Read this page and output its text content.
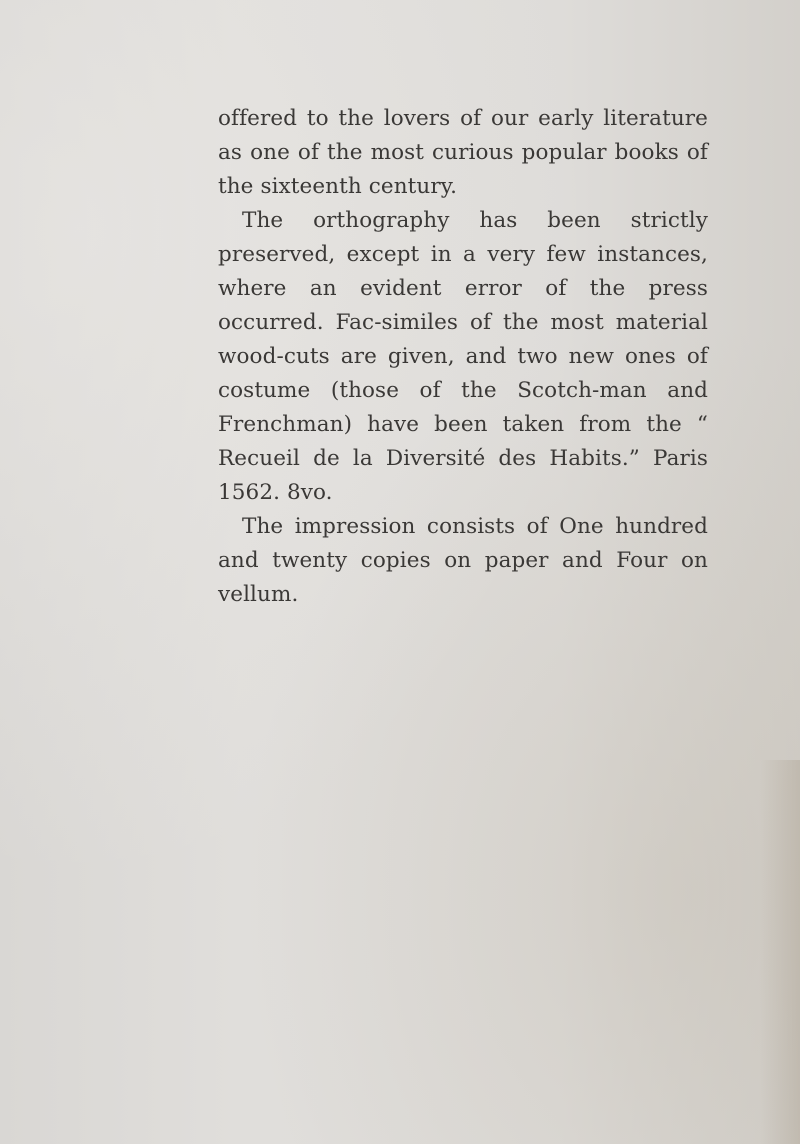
offered to the lovers of our early literature as one of the most curious popular books of the sixteenth century.

The orthography has been strictly preserved, except in a very few instances, where an evident error of the press occurred. Fac-similes of the most material wood-cuts are given, and two new ones of costume (those of the Scotch-man and Frenchman) have been taken from the “ Recueil de la Diversité des Habits.” Paris 1562. 8vo.

The impression consists of One hundred and twenty copies on paper and Four on vellum.
